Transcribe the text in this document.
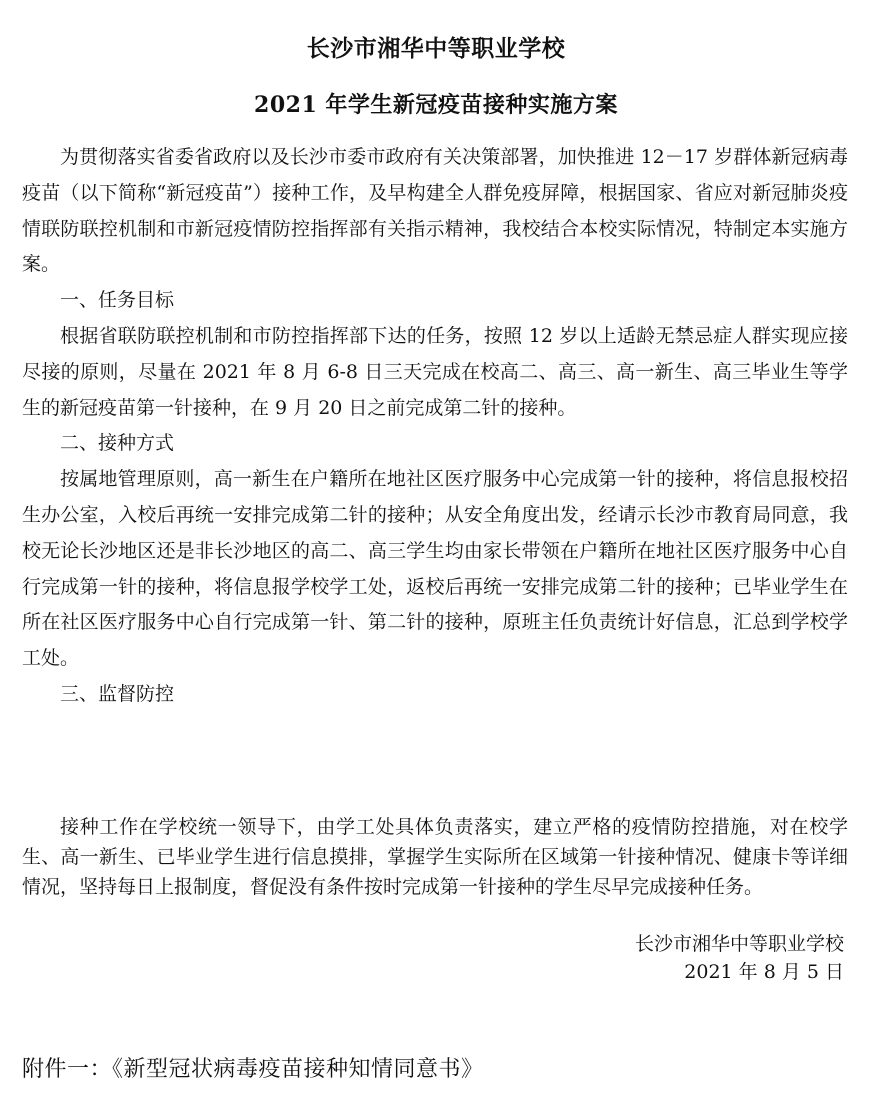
长沙市湘华中等职业学校
2021 年学生新冠疫苗接种实施方案

为贯彻落实省委省政府以及长沙市委市政府有关决策部署，加快推进 12－17 岁群体新冠病毒疫苗（以下简称“新冠疫苗”）接种工作，及早构建全人群免疫屏障，根据国家、省应对新冠肺炎疫情联防联控机制和市新冠疫情防控指挥部有关指示精神，我校结合本校实际情况，特制定本实施方案。

一、任务目标

根据省联防联控机制和市防控指挥部下达的任务，按照 12 岁以上适龄无禁忌症人群实现应接尽接的原则，尽量在 2021 年 8 月 6-8 日三天完成在校高二、高三、高一新生、高三毕业生等学生的新冠疫苗第一针接种，在 9 月 20 日之前完成第二针的接种。

二、接种方式

按属地管理原则，高一新生在户籍所在地社区医疗服务中心完成第一针的接种，将信息报校招生办公室，入校后再统一安排完成第二针的接种；从安全角度出发，经请示长沙市教育局同意，我校无论长沙地区还是非长沙地区的高二、高三学生均由家长带领在户籍所在地社区医疗服务中心自行完成第一针的接种，将信息报学校学工处，返校后再统一安排完成第二针的接种；已毕业学生在所在社区医疗服务中心自行完成第一针、第二针的接种，原班主任负责统计好信息，汇总到学校学工处。

三、监督防控

接种工作在学校统一领导下，由学工处具体负责落实，建立严格的疫情防控措施，对在校学生、高一新生、已毕业学生进行信息摸排，掌握学生实际所在区域第一针接种情况、健康卡等详细情况，坚持每日上报制度，督促没有条件按时完成第一针接种的学生尽早完成接种任务。

长沙市湘华中等职业学校
2021 年 8 月 5 日
附件一：《新型冠状病毒疫苗接种知情同意书》
